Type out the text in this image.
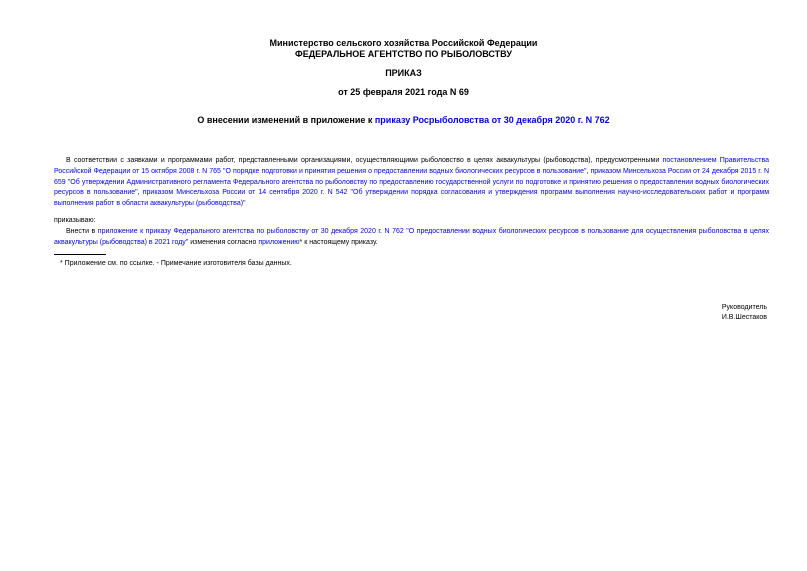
Министерство сельского хозяйства Российской Федерации
ФЕДЕРАЛЬНОЕ АГЕНТСТВО ПО РЫБОЛОВСТВУ
ПРИКАЗ
от 25 февраля 2021 года N 69
О внесении изменений в приложение к приказу Росрыболовства от 30 декабря 2020 г. N 762
В соответствии с заявками и программами работ, представленными организациями, осуществляющими рыболовство в целях аквакультуры (рыбоводства), предусмотренными постановлением Правительства Российской Федерации от 15 октября 2008 г. N 765 "О порядке подготовки и принятия решения о предоставлении водных биологических ресурсов в пользование", приказом Минсельхоза России от 24 декабря 2015 г. N 659 "Об утверждении Административного регламента Федерального агентства по рыболовству по предоставлению государственной услуги по подготовке и принятию решения о предоставлении водных биологических ресурсов в пользование", приказом Минсельхоза России от 14 сентября 2020 г. N 542 "Об утверждении порядка согласования и утверждения программ выполнения научно-исследовательских работ и программ выполнения работ в области аквакультуры (рыбоводства)"
приказываю:
Внести в приложение к приказу Федерального агентства по рыболовству от 30 декабря 2020 г. N 762 "О предоставлении водных биологических ресурсов в пользование для осуществления рыболовства в целях аквакультуры (рыбоводства) в 2021 году" изменения согласно приложению* к настоящему приказу.
* Приложение см. по ссылке. - Примечание изготовителя базы данных.
Руководитель
И.В.Шестаков
